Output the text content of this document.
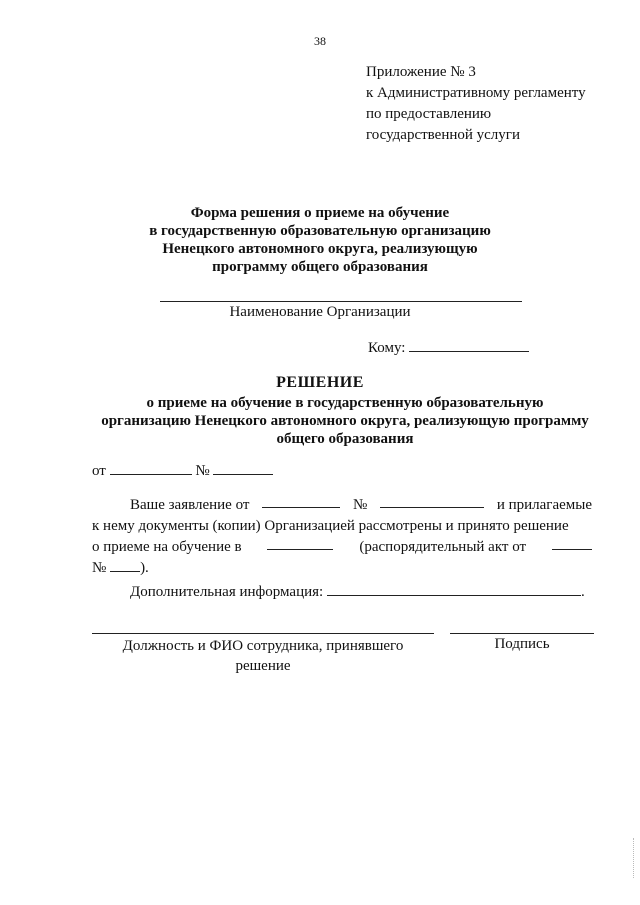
38
Приложение № 3
к Административному регламенту
по предоставлению
государственной услуги
Форма решения о приеме на обучение
в государственную образовательную организацию
Ненецкого автономного округа, реализующую
программу общего образования
Наименование Организации
Кому:
РЕШЕНИЕ
о приеме на обучение в государственную образовательную
организацию Ненецкого автономного округа, реализующую программу
общего образования
от	№
Ваше заявление от	№	и прилагаемые
к нему документы (копии) Организацией рассмотрены и принято решение
о приеме на обучение в	(распорядительный акт от
№ ).
Дополнительная информация:	.
Должность и ФИО сотрудника, принявшего
решение
Подпись
